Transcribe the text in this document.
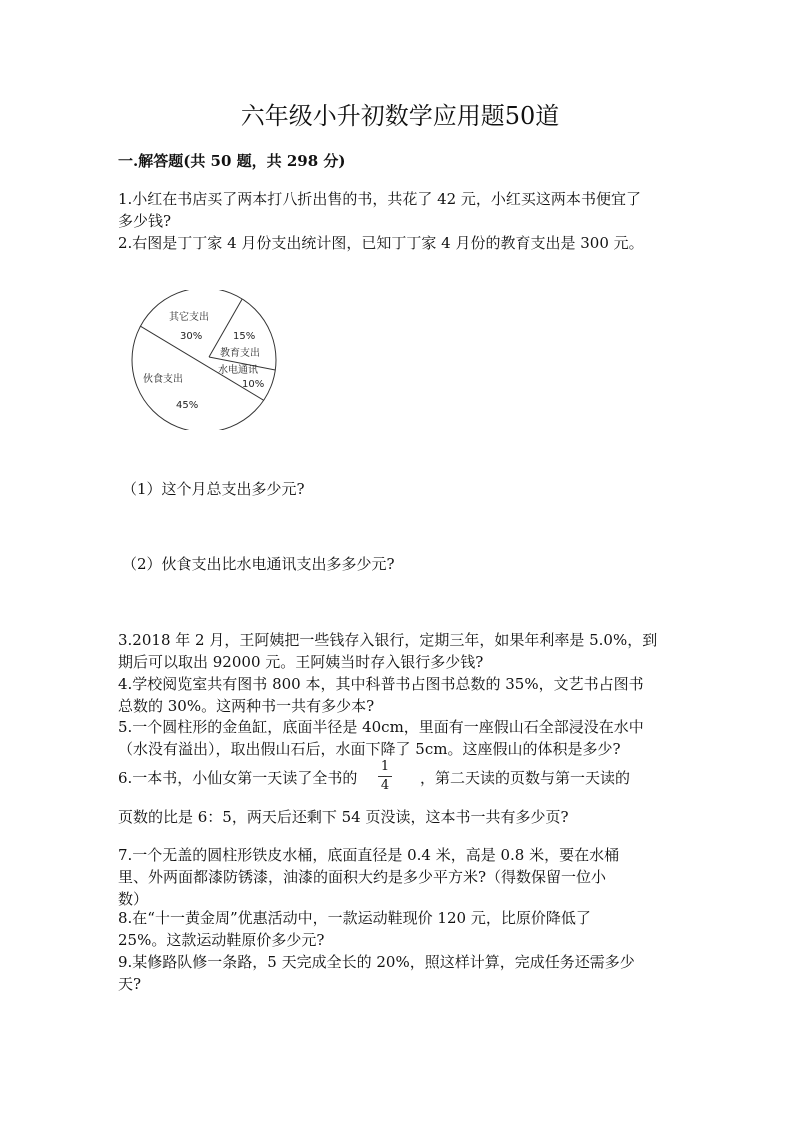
六年级小升初数学应用题50道
一.解答题(共 50 题，共 298 分)
1.小红在书店买了两本打八折出售的书，共花了 42 元，小红买这两本书便宜了
多少钱?
2.右图是丁丁家 4 月份支出统计图，已知丁丁家 4 月份的教育支出是 300 元。
其它支出
30%	15%
教育支出
水电通讯
10%
伙食支出
45%
（1）这个月总支出多少元?
（2）伙食支出比水电通讯支出多多少元?
3.2018 年 2 月，王阿姨把一些钱存入银行，定期三年，如果年利率是 5.0%，到
期后可以取出 92000 元。王阿姨当时存入银行多少钱?
4.学校阅览室共有图书 800 本，其中科普书占图书总数的 35%，文艺书占图书
总数的 30%。这两种书一共有多少本?
5.一个圆柱形的金鱼缸，底面半径是 40cm，里面有一座假山石全部浸没在水中
（水没有溢出），取出假山石后，水面下降了 5cm。这座假山的体积是多少?
6.一本书，小仙女第一天读了全书的
1
4 ，第二天读的页数与第一天读的
页数的比是 6：5，两天后还剩下 54 页没读，这本书一共有多少页?
7.一个无盖的圆柱形铁皮水桶，底面直径是 0.4 米，高是 0.8 米，要在水桶
里、外两面都漆防锈漆，油漆的面积大约是多少平方米?（得数保留一位小
数）
8.在“十一黄金周”优惠活动中，一款运动鞋现价 120 元，比原价降低了
25%。这款运动鞋原价多少元?
9.某修路队修一条路，5 天完成全长的 20%，照这样计算，完成任务还需多少
天?
